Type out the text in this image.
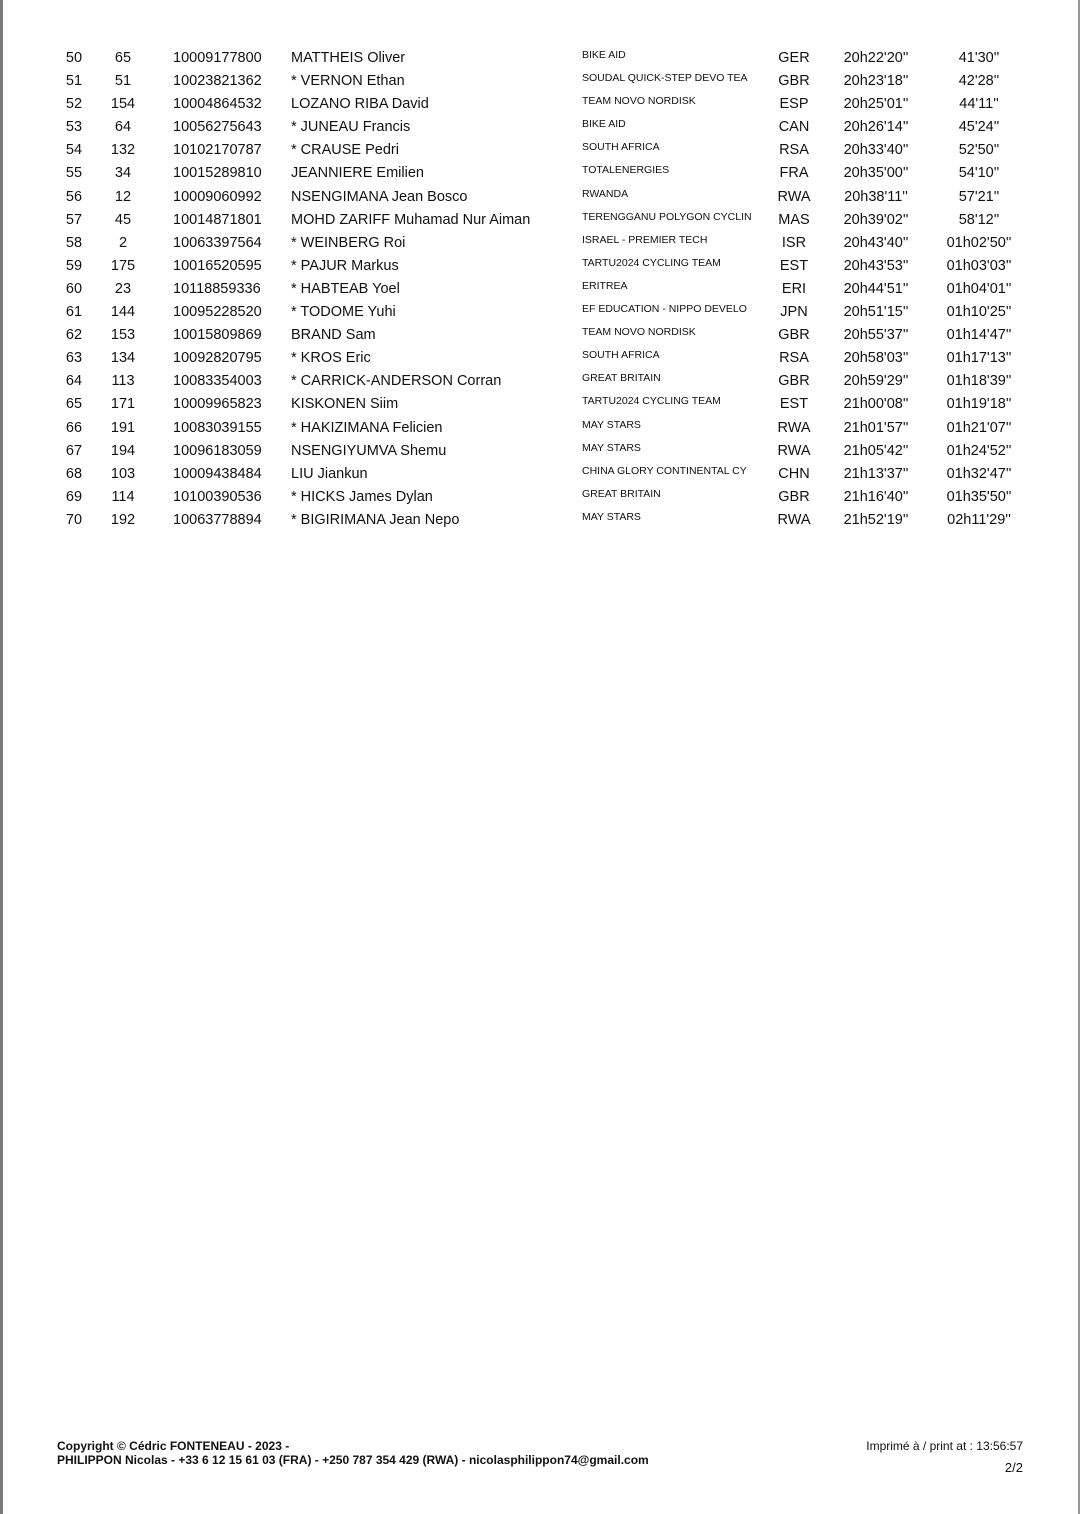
50	65	10009177800 MATTHEIS Oliver	BIKE AID	GER	20h22'20''	41'30''
51	51	10023821362 * VERNON Ethan	SOUDAL QUICK-STEP DEVO TEA	GBR	20h23'18''	42'28''
52	154	10004864532 LOZANO RIBA David	TEAM NOVO NORDISK	ESP	20h25'01''	44'11''
53	64	10056275643 * JUNEAU Francis	BIKE AID	CAN	20h26'14''	45'24''
54	132	10102170787 * CRAUSE Pedri	SOUTH AFRICA	RSA	20h33'40''	52'50''
55	34	10015289810 JEANNIERE Emilien	TOTALENERGIES	FRA	20h35'00''	54'10''
56	12	10009060992 NSENGIMANA Jean Bosco	RWANDA	RWA	20h38'11''	57'21''
57	45	10014871801 MOHD ZARIFF Muhamad Nur Aiman	TERENGGANU POLYGON CYCLIN	MAS	20h39'02''	58'12''
58	2	10063397564 * WEINBERG Roi	ISRAEL - PREMIER TECH	ISR	20h43'40''	01h02'50''
59	175	10016520595 * PAJUR Markus	TARTU2024 CYCLING TEAM	EST	20h43'53''	01h03'03''
60	23	10118859336 * HABTEAB Yoel	ERITREA	ERI	20h44'51''	01h04'01''
61	144	10095228520 * TODOME Yuhi	EF EDUCATION - NIPPO DEVELO	JPN	20h51'15''	01h10'25''
62	153	10015809869 BRAND Sam	TEAM NOVO NORDISK	GBR	20h55'37''	01h14'47''
63	134	10092820795 * KROS Eric	SOUTH AFRICA	RSA	20h58'03''	01h17'13''
64	113	10083354003 * CARRICK-ANDERSON Corran	GREAT BRITAIN	GBR	20h59'29''	01h18'39''
65	171	10009965823 KISKONEN Siim	TARTU2024 CYCLING TEAM	EST	21h00'08''	01h19'18''
66	191	10083039155 * HAKIZIMANA Felicien	MAY STARS	RWA	21h01'57''	01h21'07''
67	194	10096183059 NSENGIYUMVA Shemu	MAY STARS	RWA	21h05'42''	01h24'52''
68	103	10009438484 LIU Jiankun	CHINA GLORY CONTINENTAL CY	CHN	21h13'37''	01h32'47''
69	114	10100390536 * HICKS James Dylan	GREAT BRITAIN	GBR	21h16'40''	01h35'50''
70	192	10063778894 * BIGIRIMANA Jean Nepo	MAY STARS	RWA	21h52'19''	02h11'29''
Copyright © Cédric FONTENEAU - 2023 -
PHILIPPON Nicolas - +33 6 12 15 61 03 (FRA) - +250 787 354 429 (RWA) - nicolasphilippon74@gmail.com
Imprimé à / print at : 13:56:57
2/2
